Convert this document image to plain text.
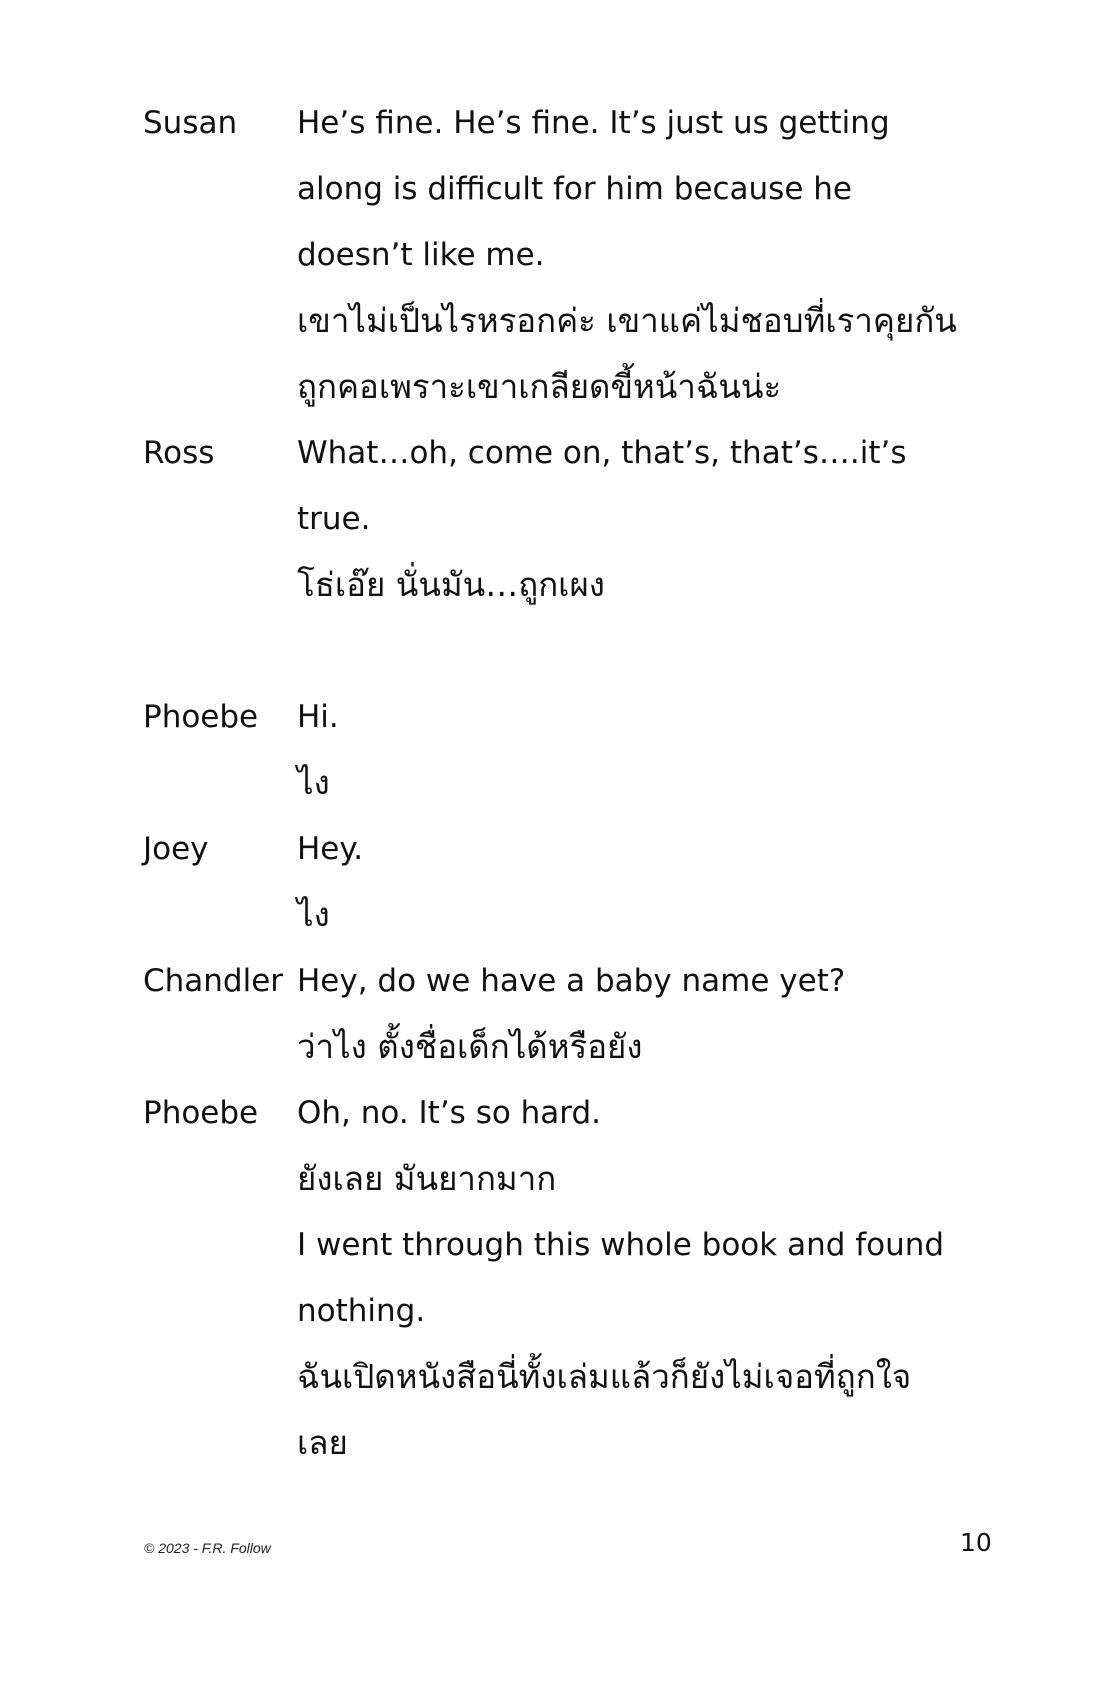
Susan He’s fine. He’s fine. It’s just us getting
along is difficult for him because he
doesn’t like me.
เขาไม่เป็นไรหรอกค่ะ เขาแค่ไม่ชอบที่เราคุยกัน
ถูกคอเพราะเขาเกลียดขี้หน้าฉันน่ะ
Ross	What…oh, come on, that’s, that’s….it’s
true.
โธ่เอ๊ย นั่นมัน…ถูกเผง
Phoebe Hi.
ไง
Joey	Hey.
ไง
Chandler Hey, do we have a baby name yet?
ว่าไง ตั้งชื่อเด็กได้หรือยัง
Phoebe Oh, no. It’s so hard.
ยังเลย มันยากมาก
I went through this whole book and found
nothing.
ฉันเปิดหนังสือนี่ทั้งเล่มแล้วก็ยังไม่เจอที่ถูกใจ
เลย
© 2023 - F.R. Follow	10
